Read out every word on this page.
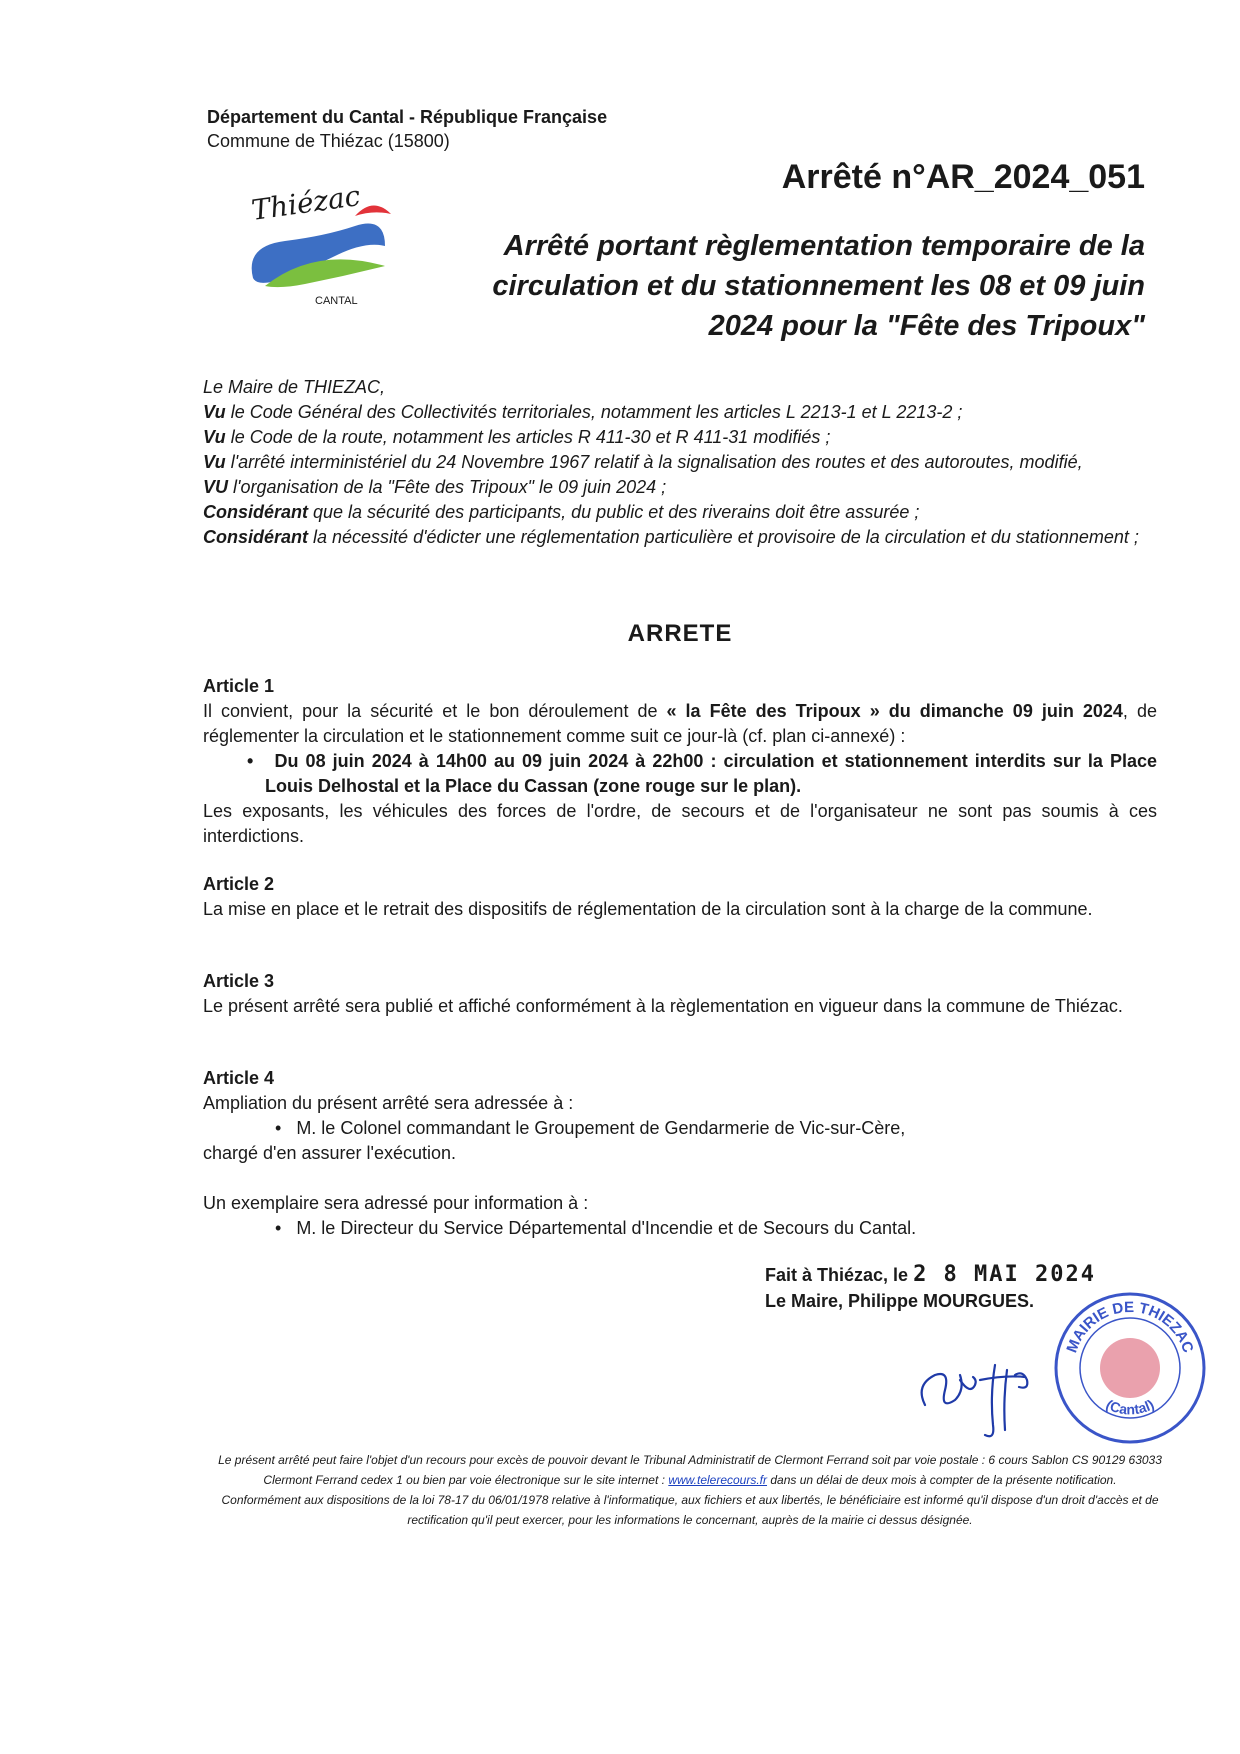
Département du Cantal - République Française
Commune de Thiézac (15800)
Thiézac
CANTAL
Arrêté n°AR_2024_051
Arrêté portant règlementation temporaire de la circulation et du stationnement les 08 et 09 juin 2024 pour la "Fête des Tripoux"

Le Maire de THIEZAC,

Vu le Code Général des Collectivités territoriales, notamment les articles L 2213-1 et L 2213-2 ;

Vu le Code de la route, notamment les articles R 411-30 et R 411-31 modifiés ;

Vu l'arrêté interministériel du 24 Novembre 1967 relatif à la signalisation des routes et des autoroutes, modifié,

VU l'organisation de la "Fête des Tripoux" le 09 juin 2024 ;

Considérant que la sécurité des participants, du public et des riverains doit être assurée ;

Considérant la nécessité d'édicter une réglementation particulière et provisoire de la circulation et du stationnement ;

ARRETE

Article 1

Il convient, pour la sécurité et le bon déroulement de « la Fête des Tripoux » du dimanche 09 juin 2024, de réglementer la circulation et le stationnement comme suit ce jour-là (cf. plan ci-annexé) :

•   Du 08 juin 2024 à 14h00 au 09 juin 2024 à 22h00 : circulation et stationnement interdits sur la Place Louis Delhostal et la Place du Cassan (zone rouge sur le plan).

Les exposants, les véhicules des forces de l'ordre, de secours et de l'organisateur ne sont pas soumis à ces interdictions.

Article 2

La mise en place et le retrait des dispositifs de réglementation de la circulation sont à la charge de la commune.

Article 3

Le présent arrêté sera publié et affiché conformément à la règlementation en vigueur dans la commune de Thiézac.

Article 4

Ampliation du présent arrêté sera adressée à :

•   M. le Colonel commandant le Groupement de Gendarmerie de Vic-sur-Cère,

chargé d'en assurer l'exécution.

Un exemplaire sera adressé pour information à :

•   M. le Directeur du Service Départemental d'Incendie et de Secours du Cantal.

Fait à Thiézac, le 2 8 MAI 2024
Le Maire, Philippe MOURGUES.
MAIRIE DE THIEZAC
(Cantal)

Le présent arrêté peut faire l'objet d'un recours pour excès de pouvoir devant le Tribunal Administratif de Clermont Ferrand soit par voie postale : 6 cours Sablon CS 90129 63033 Clermont Ferrand cedex 1 ou bien par voie électronique sur le site internet : www.telerecours.fr dans un délai de deux mois à compter de la présente notification.

Conformément aux dispositions de la loi 78-17 du 06/01/1978 relative à l'informatique, aux fichiers et aux libertés, le bénéficiaire est informé qu'il dispose d'un droit d'accès et de rectification qu'il peut exercer, pour les informations le concernant, auprès de la mairie ci dessus désignée.
